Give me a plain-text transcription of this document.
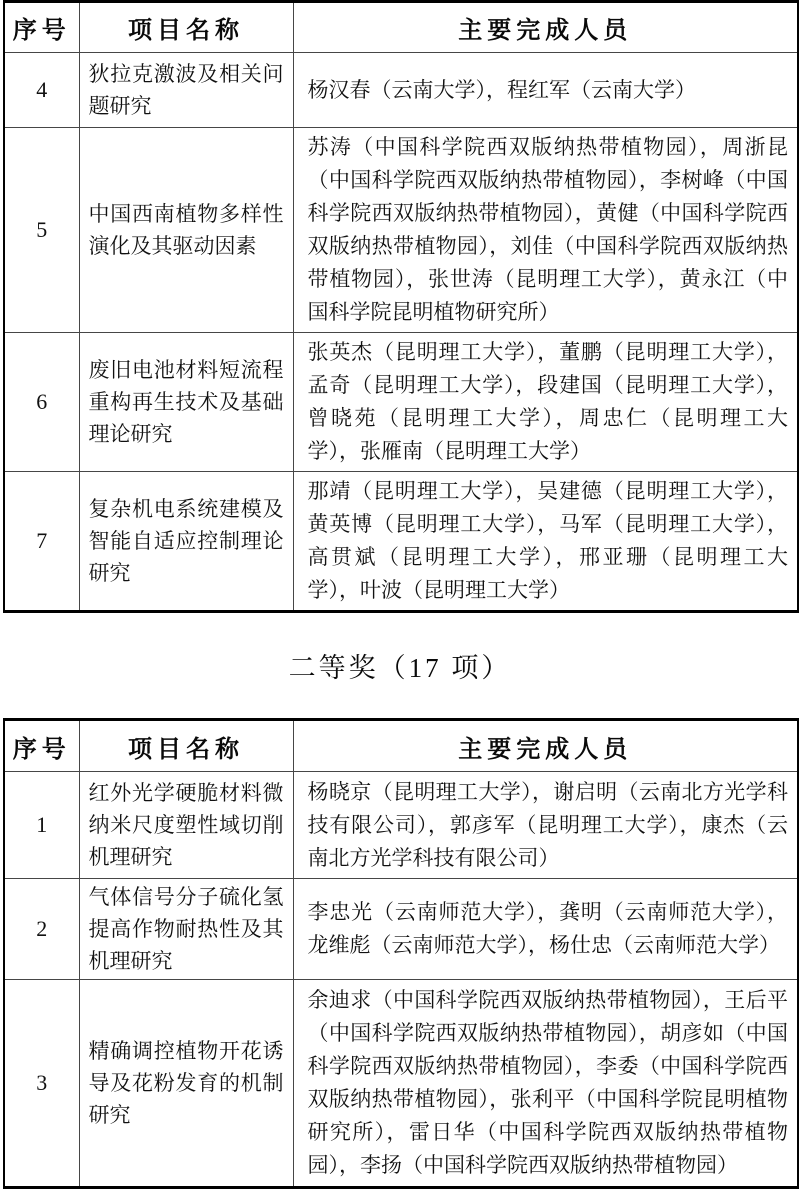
序号	项目名称	主要完成人员
4	狄拉克激波及相关问题研究	杨汉春（云南大学），程红军（云南大学）
5	中国西南植物多样性演化及其驱动因素	苏涛（中国科学院西双版纳热带植物园），周浙昆（中国科学院西双版纳热带植物园），李树峰（中国科学院西双版纳热带植物园），黄健（中国科学院西双版纳热带植物园），刘佳（中国科学院西双版纳热带植物园），张世涛（昆明理工大学），黄永江（中国科学院昆明植物研究所）
6	废旧电池材料短流程重构再生技术及基础理论研究	张英杰（昆明理工大学），董鹏（昆明理工大学），孟奇（昆明理工大学），段建国（昆明理工大学），曾晓苑（昆明理工大学），周忠仁（昆明理工大学），张雁南（昆明理工大学）
7	复杂机电系统建模及智能自适应控制理论研究	那靖（昆明理工大学），吴建德（昆明理工大学），黄英博（昆明理工大学），马军（昆明理工大学），高贯斌（昆明理工大学），邢亚珊（昆明理工大学），叶波（昆明理工大学）
二等奖（17 项）
序号	项目名称	主要完成人员
1	红外光学硬脆材料微纳米尺度塑性域切削机理研究	杨晓京（昆明理工大学），谢启明（云南北方光学科技有限公司），郭彦军（昆明理工大学），康杰（云南北方光学科技有限公司）
2	气体信号分子硫化氢提高作物耐热性及其机理研究	李忠光（云南师范大学），龚明（云南师范大学），龙维彪（云南师范大学），杨仕忠（云南师范大学）
3	精确调控植物开花诱导及花粉发育的机制研究	余迪求（中国科学院西双版纳热带植物园），王后平（中国科学院西双版纳热带植物园），胡彦如（中国科学院西双版纳热带植物园），李委（中国科学院西双版纳热带植物园），张利平（中国科学院昆明植物研究所），雷日华（中国科学院西双版纳热带植物园），李扬（中国科学院西双版纳热带植物园）
